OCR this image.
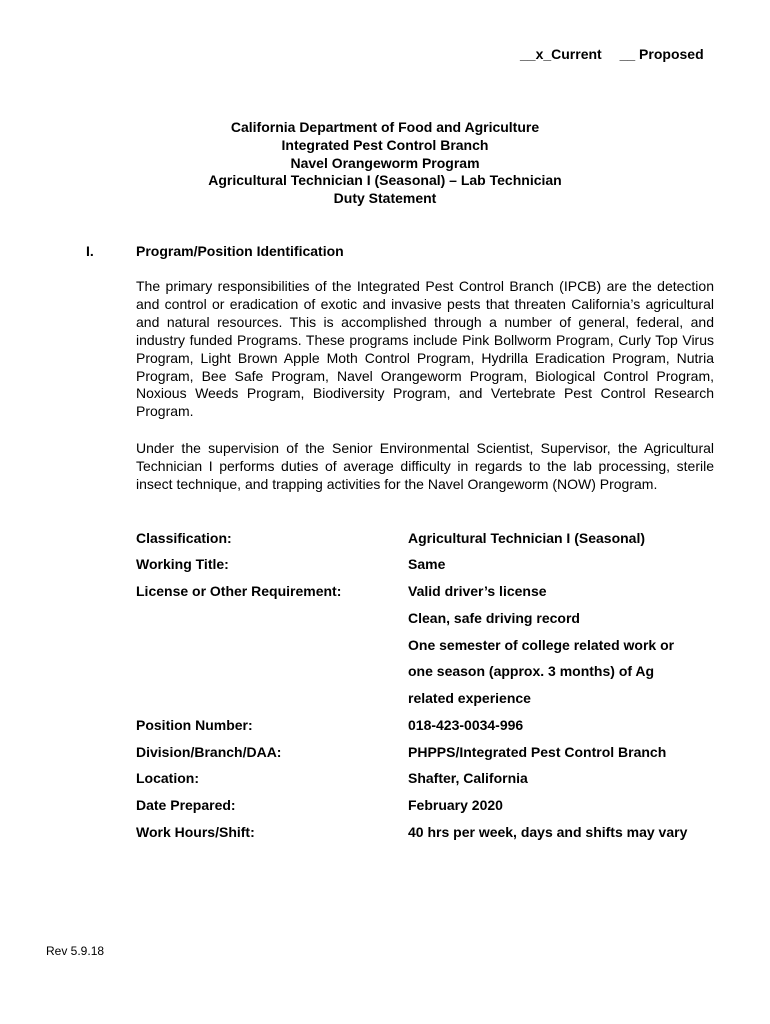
__x_Current __ Proposed
California Department of Food and Agriculture
Integrated Pest Control Branch
Navel Orangeworm Program
Agricultural Technician I (Seasonal) – Lab Technician
Duty Statement
I.	Program/Position Identification
The primary responsibilities of the Integrated Pest Control Branch (IPCB) are the detection and control or eradication of exotic and invasive pests that threaten California’s agricultural and natural resources. This is accomplished through a number of general, federal, and industry funded Programs. These programs include Pink Bollworm Program, Curly Top Virus Program, Light Brown Apple Moth Control Program, Hydrilla Eradication Program, Nutria Program, Bee Safe Program, Navel Orangeworm Program, Biological Control Program, Noxious Weeds Program, Biodiversity Program, and Vertebrate Pest Control Research Program.
Under the supervision of the Senior Environmental Scientist, Supervisor, the Agricultural Technician I performs duties of average difficulty in regards to the lab processing, sterile insect technique, and trapping activities for the Navel Orangeworm (NOW) Program.
Classification:	Agricultural Technician I (Seasonal)
Working Title:	Same
License or Other Requirement:	Valid driver’s license
Clean, safe driving record
One semester of college related work or
one season (approx. 3 months) of Ag
related experience
Position Number:	018-423-0034-996
Division/Branch/DAA:	PHPPS/Integrated Pest Control Branch
Location:	Shafter, California
Date Prepared:	February 2020
Work Hours/Shift:	40 hrs per week, days and shifts may vary
Rev 5.9.18
